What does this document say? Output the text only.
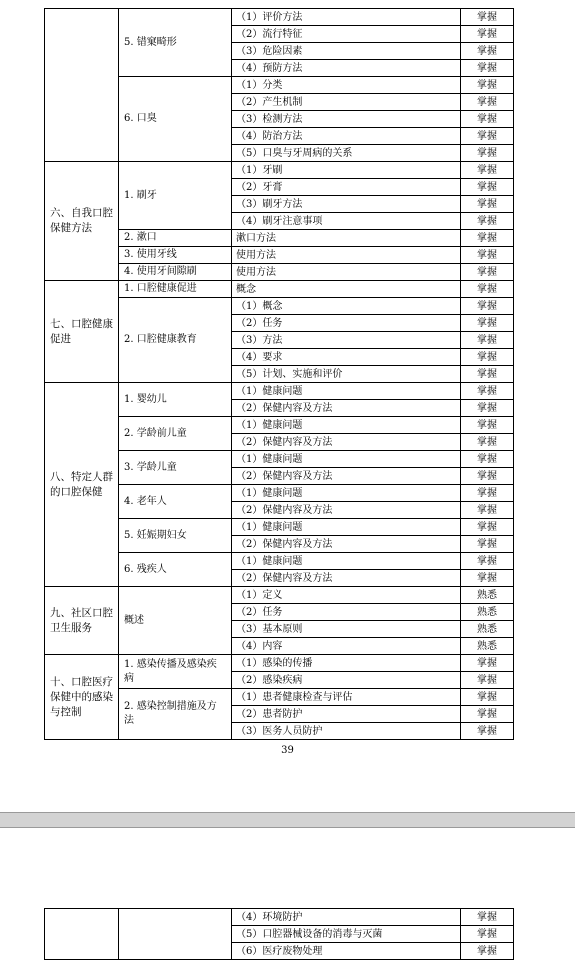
	5. 错窠畸形	（1）评价方法	掌握
		（2）流行特征	掌握
		（3）危险因素	掌握
		（4）预防方法	掌握
	6. 口臭	（1）分类	掌握
		（2）产生机制	掌握
		（3）检测方法	掌握
		（4）防治方法	掌握
		（5）口臭与牙周病的关系	掌握
六、自我口腔保健方法	1. 刷牙	（1）牙刷	掌握
		（2）牙膏	掌握
		（3）刷牙方法	掌握
		（4）刷牙注意事项	掌握
	2. 漱口	漱口方法	掌握
	3. 使用牙线	使用方法	掌握
	4. 使用牙间隙刷	使用方法	掌握
七、口腔健康促进	1. 口腔健康促进	概念	掌握
	2. 口腔健康教育	（1）概念	掌握
		（2）任务	掌握
		（3）方法	掌握
		（4）要求	掌握
		（5）计划、实施和评价	掌握
八、特定人群的口腔保健	1. 婴幼儿	（1）健康问题	掌握
		（2）保健内容及方法	掌握
	2. 学龄前儿童	（1）健康问题	掌握
		（2）保健内容及方法	掌握
	3. 学龄儿童	（1）健康问题	掌握
		（2）保健内容及方法	掌握
	4. 老年人	（1）健康问题	掌握
		（2）保健内容及方法	掌握
	5. 妊娠期妇女	（1）健康问题	掌握
		（2）保健内容及方法	掌握
	6. 残疾人	（1）健康问题	掌握
		（2）保健内容及方法	掌握
九、社区口腔卫生服务	概述	（1）定义	熟悉
		（2）任务	熟悉
		（3）基本原则	熟悉
		（4）内容	熟悉
十、口腔医疗保健中的感染与控制	1. 感染传播及感染疾病	（1）感染的传播	掌握
		（2）感染疾病	掌握
	2. 感染控制措施及方法	（1）患者健康检查与评估	掌握
		（2）患者防护	掌握
		（3）医务人员防护	掌握
39
		（4）环境防护	掌握
		（5）口腔器械设备的消毒与灭菌	掌握
		（6）医疗废物处理	掌握
